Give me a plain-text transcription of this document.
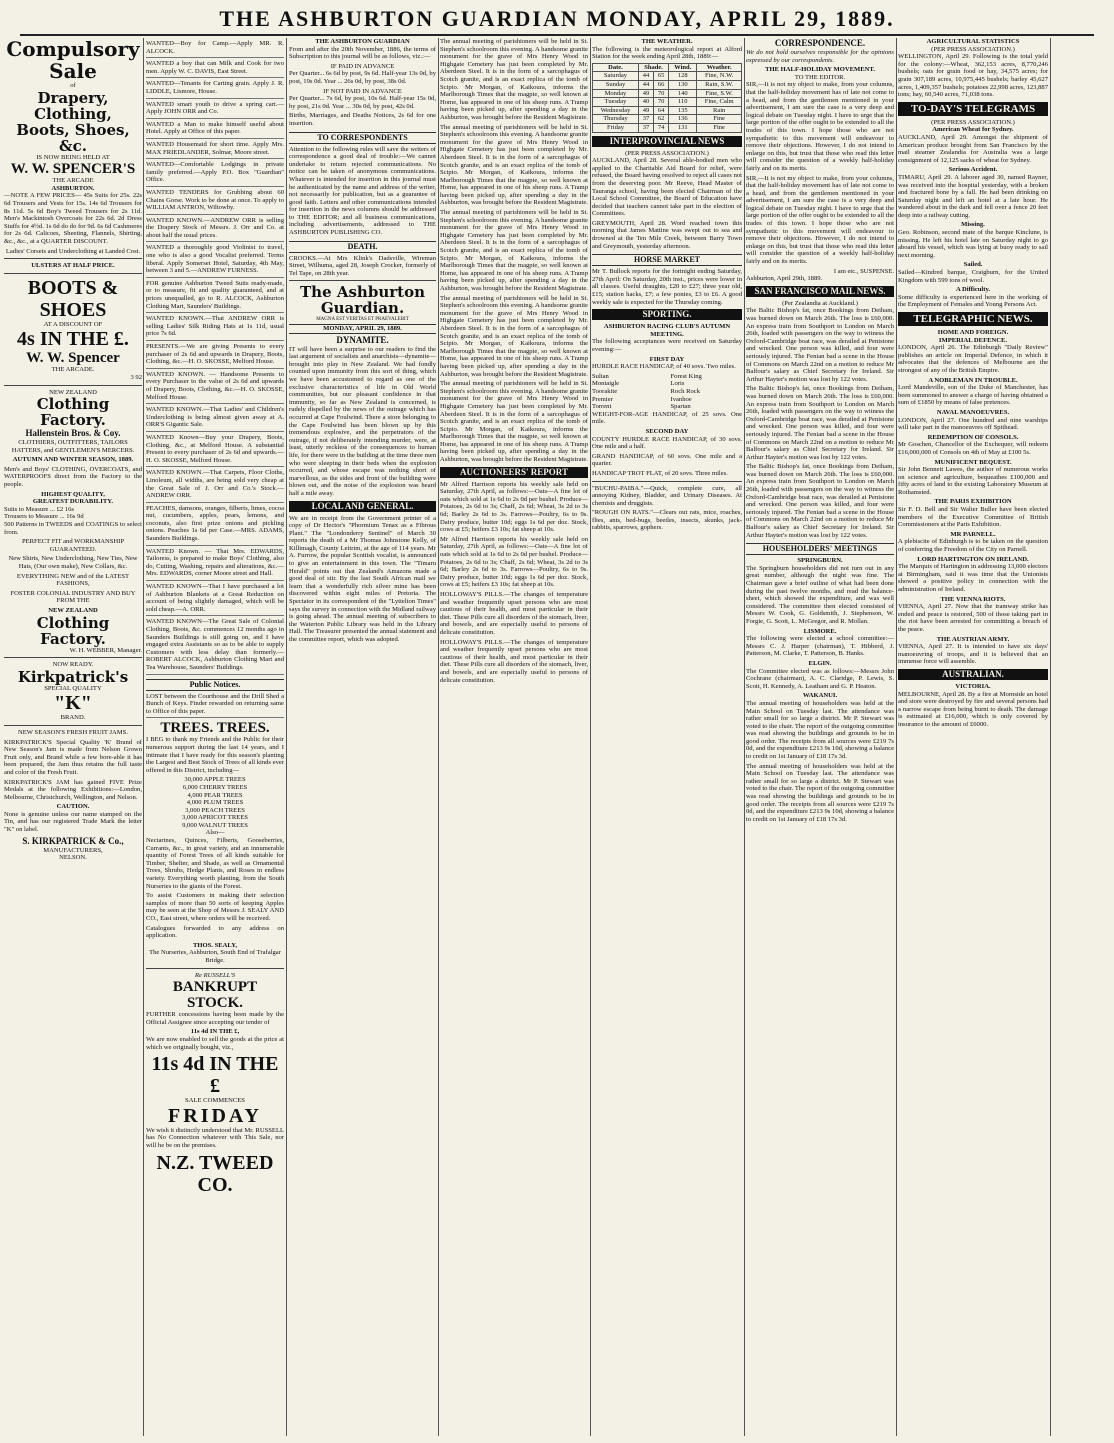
THE ASHBURTON GUARDIAN MONDAY, APRIL 29, 1889.
Compulsory Sale
of
Drapery, Clothing,
Boots, Shoes, &c.
IS NOW BEING HELD AT
W. W. SPENCER'S
THE ARCADE
ASHBURTON.

—NOTE A FEW PRICES— 45s Suits for 25s. 22s 6d Trousers and Vests for 15s. 14s 6d Trousers for 8s 11d. 5s 6d Boy's Tweed Trousers for 2s 11d. Men's Mackintosh Overcoats for 22s 6d. 2d Dress Stuffs for 4½d. 1s 6d do do for 9d. 6s 6d Cashmeres for 2s 6d. Calicoes, Sheeting, Flannels, Shirting, &c., &c., at a QUARTER DISCOUNT.

Ladies' Corsets and Underclothing at Landed Cost.

ULSTERS AT HALF PRICE.
BOOTS & SHOES
AT A DISCOUNT OF
4s IN THE £.
W. W. Spencer
THE ARCADE.
3 92
NEW ZEALAND
Clothing Factory.
Hallenstein Bros. & Coy.

CLOTHIERS, OUTFITTERS, TAILORS HATTERS, and GENTLEMEN'S MERCERS.

AUTUMN AND WINTER SEASON, 1889.

Men's and Boys' CLOTHING, OVERCOATS, and WATERPROOFS direct from the Factory to the people.

HIGHEST QUALITY,
GREATEST DURABILITY.
Suits to Measure ... £2 16s
Trousers to Measure ... 16s 9d

500 Patterns in TWEEDS and COATINGS to select from.

PERFECT FIT and WORKMANSHIP GUARANTEED.

New Shirts, New Underclothing, New Ties, New Hats, (Our own make), New Collars, &c.

EVERYTHING NEW and of the LATEST FASHIONS,

FOSTER COLONIAL INDUSTRY AND BUY FROM THE

NEW ZEALAND
Clothing Factory.
W. H. WEBBER, Manager.
NOW READY.
Kirkpatrick's
SPECIAL QUALITY
"K"
BRAND.

NEW SEASON'S FRESH FRUIT JAMS.

KIRKPATRICK'S Special Quality 'K' Brand of New Season's Jam is made from Nelson Grown Fruit only, and Brand while a few bore-able it has been prepared, the Jam thus retains the full taste and color of the Fresh Fruit.

KIRKPATRICK'S JAM has gained FIVE Prize Medals at the following Exhibitions:—London, Melbourne, Christchurch, Wellington, and Nelson.

CAUTION.

None is genuine unless our name stamped on the Tin, and has our registered Trade Mark the letter "K" on label.

S. KIRKPATRICK & Co.,
MANUFACTURERS,
NELSON.

WANTED—Boy for Camp.—Apply MR. R. ALCOCK.

WANTED a boy that can Milk and Cook for two men. Apply W. C. DAVIS, East Street.

WANTED—Tenants for Carting grain. Apply J. R. LIDDLE, Lismore, House.

WANTED smart youth to drive a spring cart.—Apply JOHN ORR and Co.

WANTED a Man to make himself useful about Hotel. Apply at Office of this paper.

WANTED Housemaid for short time. Apply Mrs. MAX FRIEDLANDER, Solmar, Moore street.

WANTED—Comfortable Lodgings in private family preferred.—Apply P.O. Box "Guardian" Office.

WANTED TENDERS for Grubbing about 60 Chains Gorse. Work to be done at once. To apply to WILLIAM ANTRON, Wiltowby.

WANTED KNOWN.—ANDREW ORR is selling the Drapery Stock of Messrs. J. Orr and Co. at about half the usual prices.

WANTED a thoroughly good Violinist to travel, one who is also a good Vocalist preferred. Terms liberal. Apply Somerset Hotel, Saturday, 4th May, between 3 and 5.—ANDREW FURNESS.

FOR genuine Ashburton Tweed Suits ready-made, or to measure, fit and quality guaranteed, and at prices unequalled, go to R. ALCOCK, Ashburton Clothing Mart, Saunders' Buildings.

WANTED KNOWN.—That ANDREW ORR is selling Ladies' Silk Riding Hats at 1s 11d, usual price 7s 6d.

PRESENTS.—We are giving Presents to every purchaser of 2s 6d and upwards in Drapery, Boots, Clothing, &c.—H. O. SKOSSE, Melford House.

WANTED KNOWN. — Handsome Presents to every Purchaser to the value of 2s 6d and upwards of Drapery, Boots, Clothing, &c.—H. O. SKOSSE, Melford House.

WANTED KNOWN.—That Ladies' and Children's Underclothing is being almost given away at A. ORR'S Gigantic Sale.

WANTED Known—Buy your Drapery, Boots, Clothing, &c., at Melford House. A substantial Present to every purchaser of 2s 6d and upwards.—H. O. SKOSSE, Melford House.

WANTED KNOWN.—That Carpets, Floor Cloths, Linoleum, all widths, are being sold very cheap at the Great Sale of J. Orr and Co.'s Stock.—ANDREW ORR.

PEACHES, damsons, oranges, filberts, limes, cocoa nut, cucumbers, apples, pears, lemons, and coconuts, also first prize onions and pickling onions. Peaches 1s 6d per Case.—MRS. ADAMS, Saunders Buildings.

WANTED Known. — That Mrs. EDWARDS, Tailoress, is prepared to make Boys' Clothing, also do, Cutting, Washing, repairs and alterations, &c.—Mrs. EDWARDS, corner Moore street and Hall.

WANTED KNOWN—That I have purchased a lot of Ashburton Blankets at a Great Reduction on account of being slightly damaged, which will be sold cheap.—A. ORR.

WANTED KNOWN—The Great Sale of Colonial Clothing, Boots, &c. commences 12 months ago in Saunders Buildings is still going on, and I have engaged extra Assistants so as to be able to supply Customers with less delay than formerly.—ROBERT ALCOCK, Ashburton Clothing Mart and Tea Warehouse, Saunders' Buildings.

Public Notices.

LOST between the Courthouse and the Drill Shed a Bunch of Keys. Finder rewarded on returning same to Office of this paper.

TREES. TREES.

I BEG to thank my Friends and the Public for their numerous support during the last 14 years, and I intimate that I have ready for this season's planting the Largest and Best Stock of Trees of all kinds ever offered in this District, including—

30,000 APPLE TREES
6,000 CHERRY TREES
4,000 PEAR TREES
4,000 PLUM TREES
3,000 PEACH TREES
3,000 APRICOT TREES
9,000 WALNUT TREES
Also—

Nectarines, Quinces, Filberts, Gooseberries, Currants, &c., in great variety, and an innumerable quantity of Forest Trees of all kinds suitable for Timber, Shelter, and Shade, as well as Ornamental Trees, Shrubs, Hedge Plants, and Roses in endless variety. Everything worth planting, from the South Nurseries to the giants of the Forest.

To assist Customers in making their selection samples of more than 50 sorts of keeping Apples may be seen at the Shop of Messrs J. SEALY AND CO., East street, where orders will be received.

Catalogues forwarded to any address on application.

THOS. SEALY,
The Nurseries, Ashburton, South End of Trafalgar Bridge.
Re RUSSELL'S
BANKRUPT STOCK.

FURTHER concessions having been made by the Official Assignee since accepting our tender of

11s 4d IN THE £,

We are now enabled to sell the goods at the price at which we originally bought, viz.,

11s 4d IN THE £
SALE COMMENCES
FRIDAY

We wish it distinctly understood that Mr. RUSSELL has No Connection whatever with This Sale, nor will he be on the premises.

N.Z. TWEED CO.
THE ASHBURTON GUARDIAN

From and after the 20th November, 1886, the terms of Subscription to this journal will be as follows, viz.:—

IF PAID IN ADVANCE

Per Quarter... 6s 6d by post, 9s 6d. Half-year 13s 0d, by post, 19s 0d. Year ... 26s 0d, by post, 38s 0d.

IF NOT PAID IN ADVANCE

Per Quarter... 7s 6d, by post, 10s 6d. Half-year 15s 0d, by post, 21s 0d. Year ... 30s 0d, by post, 42s 0d.

Births, Marriages, and Deaths Notices, 2s 6d for one insertion.

TO CORRESPONDENTS

Attention to the following rules will save the writers of correspondence a good deal of trouble:—We cannot undertake to return rejected communications. No notice can be taken of anonymous communications. Whatever is intended for insertion in this journal must be authenticated by the name and address of the writer, not necessarily for publication, but as a guarantee of good faith. Letters and other communications intended for insertion in the news columns should be addressed to THE EDITOR; and all business communications, including advertisements, addressed to THE ASHBURTON PUBLISHING CO.

DEATH.

CROOKS.—At Mrs Klink's Dadsville, Wireman Street, Wilhuma, aged 28, Joseph Crocker, formerly of Tel Tape, on 28th year.

The Ashburton Guardian.
MAGNA EST VERITAS ET PRAEVALEBIT
MONDAY, APRIL 29, 1889.
DYNAMITE.

IT will have been a surprise to our readers to find the last argument of socialists and anarchists—dynamite—brought into play in New Zealand. We had fondly counted upon immunity from this sort of thing, which we have been accustomed to regard as one of the exclusive characteristics of life in Old World communities, but our pleasant confidence in that immunity, so far as New Zealand is concerned, is rudely dispelled by the news of the outrage which has occurred at Cape Foulwind. There a store belonging to the Cape Foulwind has been blown up by this tremendous explosive, and the perpetrators of the outrage, if not deliberately intending murder, were, at least, utterly reckless of the consequences to human life, for there were in the building at the time three men who were sleeping in their beds when the explosion occurred, and whose escape was nothing short of marvellous, as the sides and front of the building were blown out, and the noise of the explosion was heard half a mile away.

LOCAL AND GENERAL.

We are in receipt from the Government printer of a copy of Dr Hector's "Phormium Tenax as a Fibrous Plant." The "Londonderry Sentinel" of March 30 reports the death of a Mr Thomas Johnstone Kelly, of Killimagh, County Leitrim, at the age of 114 years. Mr A. Furrow, the popular Scottish vocalist, is announced to give an entertainment in this town. The "Timaru Herald" points out that Zealand's Amazons made a good deal of stir. By the last South African mail we learn that a wonderfully rich silver mine has been discovered within eight miles of Pretoria. The Spectator in its correspondent of the "Lyttelton Times" says the survey in connection with the Midland railway is going ahead. The annual meeting of subscribers to the Waterton Public Library was held in the Library Hall. The Treasurer presented the annual statement and the committee report, which was adopted.

The annual meeting of parishioners will be held in St. Stephen's schoolroom this evening. A handsome granite monument for the grave of Mrs Henry Wood in Highgate Cemetery has just been completed by Mr. Aberdeen Steel. It is in the form of a sarcophagus of Scotch granite, and is an exact replica of the tomb of Scipio. Mr Morgan, of Kaikoura, informs the Marlborough Times that the magpie, so well known at Home, has appeared in one of his sheep runs. A Tramp having been picked up, after spending a day in the Ashburton, was brought before the Resident Magistrate.

The annual meeting of parishioners will be held in St. Stephen's schoolroom this evening. A handsome granite monument for the grave of Mrs Henry Wood in Highgate Cemetery has just been completed by Mr. Aberdeen Steel. It is in the form of a sarcophagus of Scotch granite, and is an exact replica of the tomb of Scipio. Mr Morgan, of Kaikoura, informs the Marlborough Times that the magpie, so well known at Home, has appeared in one of his sheep runs. A Tramp having been picked up, after spending a day in the Ashburton, was brought before the Resident Magistrate.

The annual meeting of parishioners will be held in St. Stephen's schoolroom this evening. A handsome granite monument for the grave of Mrs Henry Wood in Highgate Cemetery has just been completed by Mr. Aberdeen Steel. It is in the form of a sarcophagus of Scotch granite, and is an exact replica of the tomb of Scipio. Mr Morgan, of Kaikoura, informs the Marlborough Times that the magpie, so well known at Home, has appeared in one of his sheep runs. A Tramp having been picked up, after spending a day in the Ashburton, was brought before the Resident Magistrate.

The annual meeting of parishioners will be held in St. Stephen's schoolroom this evening. A handsome granite monument for the grave of Mrs Henry Wood in Highgate Cemetery has just been completed by Mr. Aberdeen Steel. It is in the form of a sarcophagus of Scotch granite, and is an exact replica of the tomb of Scipio. Mr Morgan, of Kaikoura, informs the Marlborough Times that the magpie, so well known at Home, has appeared in one of his sheep runs. A Tramp having been picked up, after spending a day in the Ashburton, was brought before the Resident Magistrate.

The annual meeting of parishioners will be held in St. Stephen's schoolroom this evening. A handsome granite monument for the grave of Mrs Henry Wood in Highgate Cemetery has just been completed by Mr. Aberdeen Steel. It is in the form of a sarcophagus of Scotch granite, and is an exact replica of the tomb of Scipio. Mr Morgan, of Kaikoura, informs the Marlborough Times that the magpie, so well known at Home, has appeared in one of his sheep runs. A Tramp having been picked up, after spending a day in the Ashburton, was brought before the Resident Magistrate.

AUCTIONEERS' REPORT

Mr Alfred Harrison reports his weekly sale held on Saturday, 27th April, as follows:—Oats—A fine lot of oats which sold at 1s 6d to 2s 0d per bushel. Produce—Potatoes, 2s 6d to 3s; Chaff, 2s 6d; Wheat, 3s 2d to 3s 6d; Barley 2s 6d to 3s. Farrows—Poultry, 6s to 9s. Dairy produce, butter 10d; eggs 1s 6d per doz. Stock, cows at £5; heifers £3 10s; fat sheep at 10s.

Mr Alfred Harrison reports his weekly sale held on Saturday, 27th April, as follows:—Oats—A fine lot of oats which sold at 1s 6d to 2s 0d per bushel. Produce—Potatoes, 2s 6d to 3s; Chaff, 2s 6d; Wheat, 3s 2d to 3s 6d; Barley 2s 6d to 3s. Farrows—Poultry, 6s to 9s. Dairy produce, butter 10d; eggs 1s 6d per doz. Stock, cows at £5; heifers £3 10s; fat sheep at 10s.

HOLLOWAY'S PILLS.—The changes of temperature and weather frequently upset persons who are most cautious of their health, and most particular in their diet. These Pills cure all disorders of the stomach, liver, and bowels, and are especially useful to persons of delicate constitution.

HOLLOWAY'S PILLS.—The changes of temperature and weather frequently upset persons who are most cautious of their health, and most particular in their diet. These Pills cure all disorders of the stomach, liver, and bowels, and are especially useful to persons of delicate constitution.

THE WEATHER.

The following is the meteorological report at Alford Station for the week ending April 28th, 1889:—

Date.	Shade.		Wind.	Weather.
Saturday	44	65	128	Fine, N.W.
Sunday	44	66	130	Rain, S.W.
Monday	49	70	140	Fine, S.W.
Tuesday	40	70	110	Fine, Calm
Wednesday	49	64	135	Rain
Thursday	37	62	136	Fine
Friday	37	74	131	Fine
INTERPROVINCIAL NEWS
(PER PRESS ASSOCIATION.)

AUCKLAND, April 28. Several able-bodied men who applied to the Charitable Aid Board for relief, were refused, the Board having resolved to reject all cases not from the deserving poor. Mr Reeve, Head Master of Tauranga school, having been elected Chairman of the Local School Committee, the Board of Education have decided that teachers cannot take part in the election of Committees.

GREYMOUTH, April 28. Word reached town this morning that James Mattine was swept out to sea and drowned at the Ten Mile Creek, between Barry Town and Greymouth, yesterday afternoon.

HORSE MARKET

Mr T. Bullock reports for the fortnight ending Saturday, 27th April: On Saturday, 20th inst., prices were lower in all classes. Useful draughts, £20 to £27; three year old, £15; station hacks, £7; a few ponies, £3 to £6. A good weekly sale is expected for the Thursday coming.

SPORTING.
ASHBURTON RACING CLUB'S AUTUMN MEETING.

The following acceptances were received on Saturday evening:—

FIRST DAY

HURDLE RACE HANDICAP, of 40 sovs. Two miles.

Sultan
Montaigle
Toorakite
Premier
Torrent
Forest King
Loris
Roch Rock
Ivanhoe
Spartan

WEIGHT-FOR-AGE HANDICAP, of 25 sovs. One mile.

SECOND DAY

COUNTY HURDLE RACE HANDICAP, of 30 sovs. One mile and a half.

GRAND HANDICAP, of 60 sovs. One mile and a quarter.

HANDICAP TROT FLAT, of 20 sovs. Three miles.

"BUCHU-PAIBA."—Quick, complete cure, all annoying Kidney, Bladder, and Urinary Diseases. At chemists and druggists.

"ROUGH ON RATS."—Clears out rats, mice, roaches, flies, ants, bed-bugs, beetles, insects, skunks, jack-rabbits, sparrows, gophers.

CORRESPONDENCE.

We do not hold ourselves responsible for the opinions expressed by our correspondents.

THE HALF-HOLIDAY MOVEMENT.
TO THE EDITOR.

SIR,—It is not my object to make, from your columns, that the half-holiday movement has of late not come to a head, and from the gentlemen mentioned in your advertisement, I am sure the case is a very deep and logical debate on Tuesday night. I have to urge that the large portion of the offer ought to be extended to all the trades of this town. I hope those who are not sympathetic to this movement will endeavour to remove their objections. However, I do not intend to enlarge on this, but trust that those who read this letter will consider the question of a weekly half-holiday fairly and on its merits.

SIR,—It is not my object to make, from your columns, that the half-holiday movement has of late not come to a head, and from the gentlemen mentioned in your advertisement, I am sure the case is a very deep and logical debate on Tuesday night. I have to urge that the large portion of the offer ought to be extended to all the trades of this town. I hope those who are not sympathetic to this movement will endeavour to remove their objections. However, I do not intend to enlarge on this, but trust that those who read this letter will consider the question of a weekly half-holiday fairly and on its merits.

I am etc., SUSPENSE.
Ashburton, April 29th, 1889.
SAN FRANCISCO MAIL NEWS.
(Per Zealandia at Auckland.)

The Baltic Bishop's fat, once Bookings from Deiham, was burned down on March 26th. The loss is £60,000. An express train from Southport to London on March 26th, loaded with passengers on the way to witness the Oxford-Cambridge boat race, was derailed at Penistone and wrecked. One person was killed, and four were seriously injured. The Fenian bad a scene in the House of Commons on March 22nd on a motion to reduce Mr Balfour's salary as Chief Secretary for Ireland. Sir Arthur Hayter's motion was lost by 122 votes.

The Baltic Bishop's fat, once Bookings from Deiham, was burned down on March 26th. The loss is £60,000. An express train from Southport to London on March 26th, loaded with passengers on the way to witness the Oxford-Cambridge boat race, was derailed at Penistone and wrecked. One person was killed, and four were seriously injured. The Fenian bad a scene in the House of Commons on March 22nd on a motion to reduce Mr Balfour's salary as Chief Secretary for Ireland. Sir Arthur Hayter's motion was lost by 122 votes.

The Baltic Bishop's fat, once Bookings from Deiham, was burned down on March 26th. The loss is £60,000. An express train from Southport to London on March 26th, loaded with passengers on the way to witness the Oxford-Cambridge boat race, was derailed at Penistone and wrecked. One person was killed, and four were seriously injured. The Fenian bad a scene in the House of Commons on March 22nd on a motion to reduce Mr Balfour's salary as Chief Secretary for Ireland. Sir Arthur Hayter's motion was lost by 122 votes.

HOUSEHOLDERS' MEETINGS
SPRINGBURN.

The Springburn householders did not turn out in any great number, although the night was fine. The Chairman gave a brief outline of what had been done during the past twelve months, and read the balance-sheet, which showed the expenditure, and was well considered. The committee then elected consisted of Messrs W. Cook, G. Goldsmith, J. Stephenson, W. Forgie, G. Scott, L. McGregor, and R. Mollan.

LISMORE.

The following were elected a school committee:—Messrs C. J. Harper (chairman), T. Hibberd, J. Patterson, M. Clarke, T. Patterson, B. Hanks.

ELGIN.

The Committee elected was as follows:—Messrs John Cochrane (chairman), A. C. Claridge, P. Lewis, S. Scott, H. Kennedy, A. Leatham and G. P. Heaton.

WAKANUI.

The annual meeting of householders was held at the Main School on Tuesday last. The attendance was rather small for so large a district. Mr P. Stewart was voted to the chair. The report of the outgoing committee was read showing the buildings and grounds to be in good order. The receipts from all sources were £219 7s 0d, and the expenditure £213 9s 10d, showing a balance to credit on 1st January of £18 17s 3d.

The annual meeting of householders was held at the Main School on Tuesday last. The attendance was rather small for so large a district. Mr P. Stewart was voted to the chair. The report of the outgoing committee was read showing the buildings and grounds to be in good order. The receipts from all sources were £219 7s 0d, and the expenditure £213 9s 10d, showing a balance to credit on 1st January of £18 17s 3d.

AGRICULTURAL STATISTICS
(PER PRESS ASSOCIATION.)

WELLINGTON, April 29. Following is the total yield for the colony:—Wheat, 362,153 acres, 8,770,246 bushels; oats for grain food or hay, 34,575 acres; for grain 307,189 acres, 10,975,445 bushels; barley 45,627 acres, 1,409,357 bushels; potatoes 22,998 acres, 123,887 tons; hay, 60,540 acres, 71,038 tons.

TO-DAY'S TELEGRAMS
(PER PRESS ASSOCIATION.)
American Wheat for Sydney.

AUCKLAND, April 29. Amongst the shipment of American produce brought from San Francisco by the mail steamer Zealandia for Australia was a large consignment of 12,125 sacks of wheat for Sydney.

Serious Accident.

TIMARU, April 29. A laborer aged 30, named Rayner, was received into the hospital yesterday, with a broken and fractured bone by a fall. He had been drinking on Saturday night and left an hotel at a late hour. He wandered about in the dark and fell over a fence 20 feet deep into a railway cutting.

Missing.

Geo. Robinson, second mate of the barque Kinclune, is missing. He left his hotel late on Saturday night to go aboard his vessel, which was lying at buoy ready to sail next morning.

Sailed.

Sailed—Kindred barque, Craigburn, for the United Kingdom with 599 tons of wool.

A Difficulty.

Some difficulty is experienced here in the working of the Employment of Females and Young Persons Act.

TELEGRAPHIC NEWS.
HOME AND FOREIGN.
IMPERIAL DEFENCE.

LONDON, April 26. The Edinburgh "Daily Review" publishes an article on Imperial Defence, in which it advocates that the defences of Melbourne are the strongest of any of the British Empire.

A NOBLEMAN IN TROUBLE.

Lord Mandeville, son of the Duke of Manchester, has been summoned to answer a charge of having obtained a sum of £1850 by means of false pretences.

NAVAL MANOEUVRES.

LONDON, April 27. One hundred and nine warships will take part in the manoeuvres off Spithead.

REDEMPTION OF CONSOLS.

Mr Goschen, Chancellor of the Exchequer, will redeem £16,000,000 of Consols on 4th of May at £100 5s.

MUNIFICENT BEQUEST.

Sir John Bennett Lawes, the author of numerous works on science and agriculture, bequeathes £100,000 and fifty acres of land to the existing Laboratory Museum at Rothamsted.

THE PARIS EXHIBITION

Sir F. D. Bell and Sir Walter Buller have been elected members of the Executive Committee of British Commissioners at the Paris Exhibition.

MR PARNELL.

A plebiscite of Edinburgh is to be taken on the question of conferring the Freedom of the City on Parnell.

LORD HARTINGTON ON IRELAND.

The Marquis of Hartington in addressing 13,000 electors at Birmingham, said it was time that the Unionists showed a positive policy in connection with the administration of Ireland.

THE VIENNA RIOTS.

VIENNA, April 27. Now that the tramway strike has ended and peace is restored, 500 of those taking part in the riot have been arrested for committing a breach of the peace.

THE AUSTRIAN ARMY.

VIENNA, April 27. It is intended to have six days' manoeuvring of troops, and it is believed that an immense force will assemble.

AUSTRALIAN.
VICTORIA.

MELBOURNE, April 28. By a fire at Mornside an hotel and store were destroyed by fire and several persons had a narrow escape from being burnt to death. The damage is estimated at £16,000, which is only covered by insurance to the amount of £6000.
